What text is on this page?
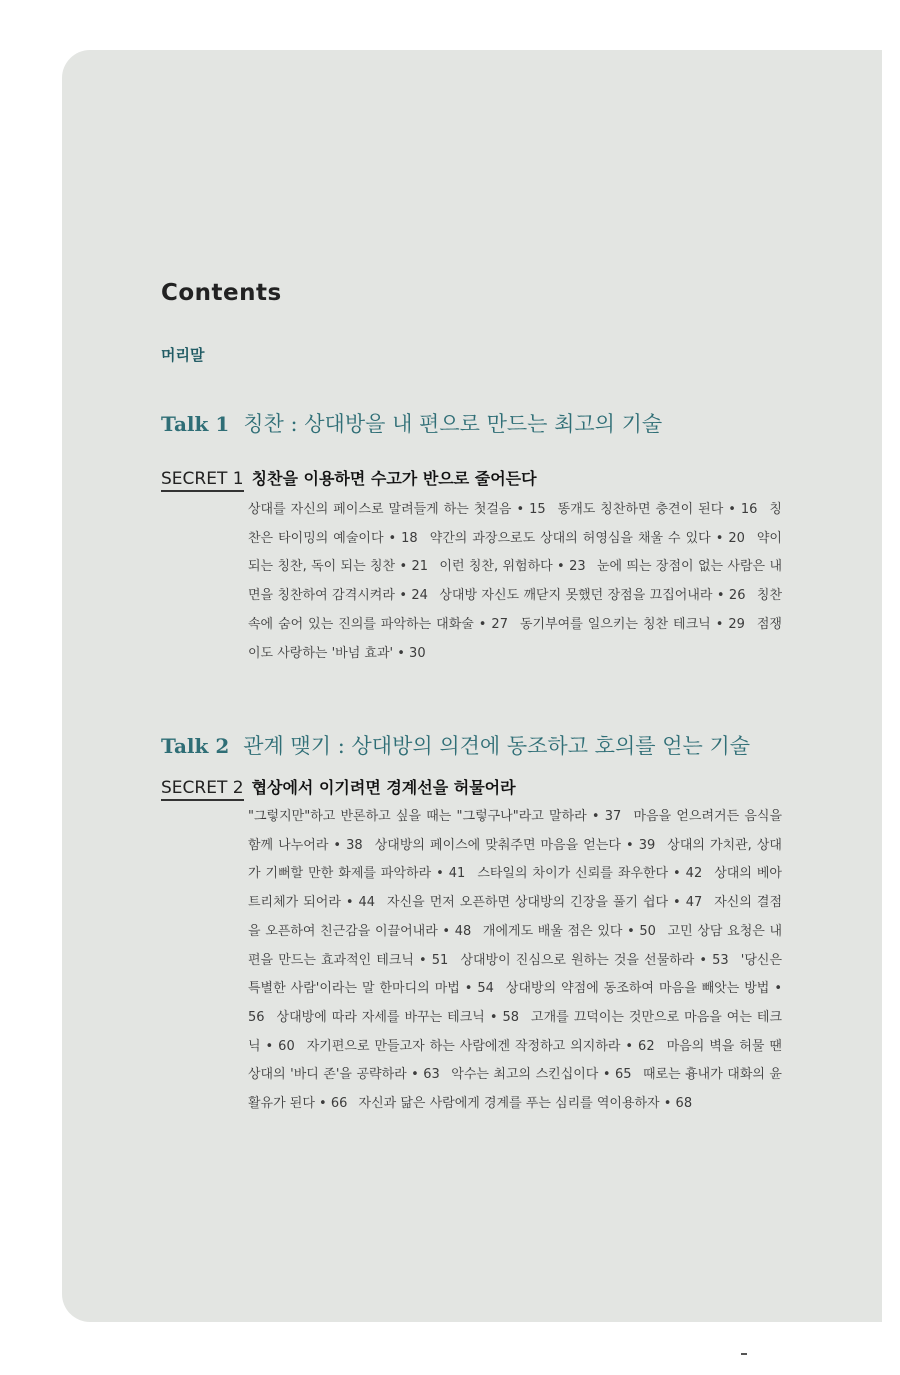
Contents
머리말
Talk 1 칭찬 : 상대방을 내 편으로 만드는 최고의 기술
SECRET 1 칭찬을 이용하면 수고가 반으로 줄어든다
상대를 자신의 페이스로 말려들게 하는 첫걸음 • 15 똥개도 칭찬하면 충견이 된다 • 16 칭찬은 타이밍의 예술이다 • 18 약간의 과장으로도 상대의 허영심을 채울 수 있다 • 20 약이 되는 칭찬, 독이 되는 칭찬 • 21 이런 칭찬, 위험하다 • 23 눈에 띄는 장점이 없는 사람은 내면을 칭찬하여 감격시켜라 • 24 상대방 자신도 깨닫지 못했던 장점을 끄집어내라 • 26 칭찬 속에 숨어 있는 진의를 파악하는 대화술 • 27 동기부여를 일으키는 칭찬 테크닉 • 29 점쟁이도 사랑하는 '바넘 효과' • 30
Talk 2 관계 맺기 : 상대방의 의견에 동조하고 호의를 얻는 기술
SECRET 2 협상에서 이기려면 경계선을 허물어라
"그렇지만"하고 반론하고 싶을 때는 "그렇구나"라고 말하라 • 37 마음을 얻으려거든 음식을 함께 나누어라 • 38 상대방의 페이스에 맞춰주면 마음을 얻는다 • 39 상대의 가치관, 상대가 기뻐할 만한 화제를 파악하라 • 41 스타일의 차이가 신뢰를 좌우한다 • 42 상대의 베아트리체가 되어라 • 44 자신을 먼저 오픈하면 상대방의 긴장을 풀기 쉽다 • 47 자신의 결점을 오픈하여 친근감을 이끌어내라 • 48 개에게도 배울 점은 있다 • 50 고민 상담 요청은 내 편을 만드는 효과적인 테크닉 • 51 상대방이 진심으로 원하는 것을 선물하라 • 53 '당신은 특별한 사람'이라는 말 한마디의 마법 • 54 상대방의 약점에 동조하여 마음을 빼앗는 방법 • 56 상대방에 따라 자세를 바꾸는 테크닉 • 58 고개를 끄덕이는 것만으로 마음을 여는 테크닉 • 60 자기편으로 만들고자 하는 사람에겐 작정하고 의지하라 • 62 마음의 벽을 허물 땐 상대의 '바디 존'을 공략하라 • 63 악수는 최고의 스킨십이다 • 65 때로는 흉내가 대화의 윤활유가 된다 • 66 자신과 닮은 사람에게 경계를 푸는 심리를 역이용하자 • 68
